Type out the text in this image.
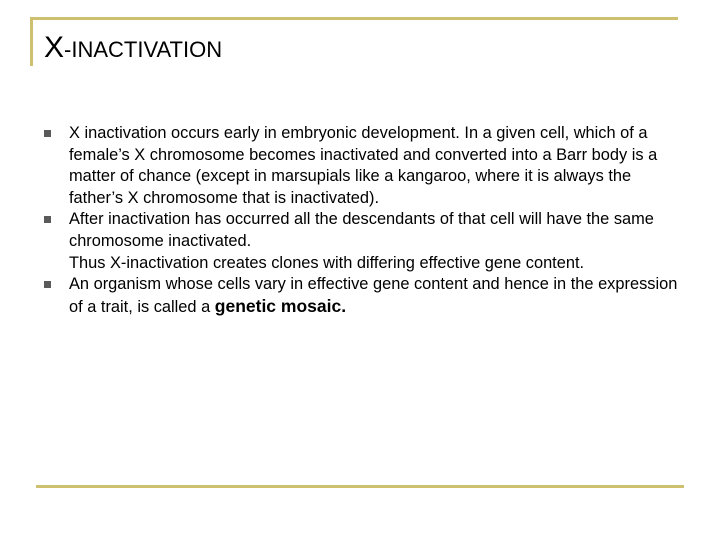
X-INACTIVATION
X inactivation occurs early in embryonic development. In a given cell, which of a female’s X chromosome becomes inactivated and converted into a Barr body is a matter of chance (except in marsupials like a kangaroo, where it is always the father’s X chromosome that is inactivated).
After inactivation has occurred all the descendants of that cell will have the same chromosome inactivated.
Thus X-inactivation creates clones with differing effective gene content.
An organism whose cells vary in effective gene content and hence in the expression of a trait, is called a genetic mosaic.
